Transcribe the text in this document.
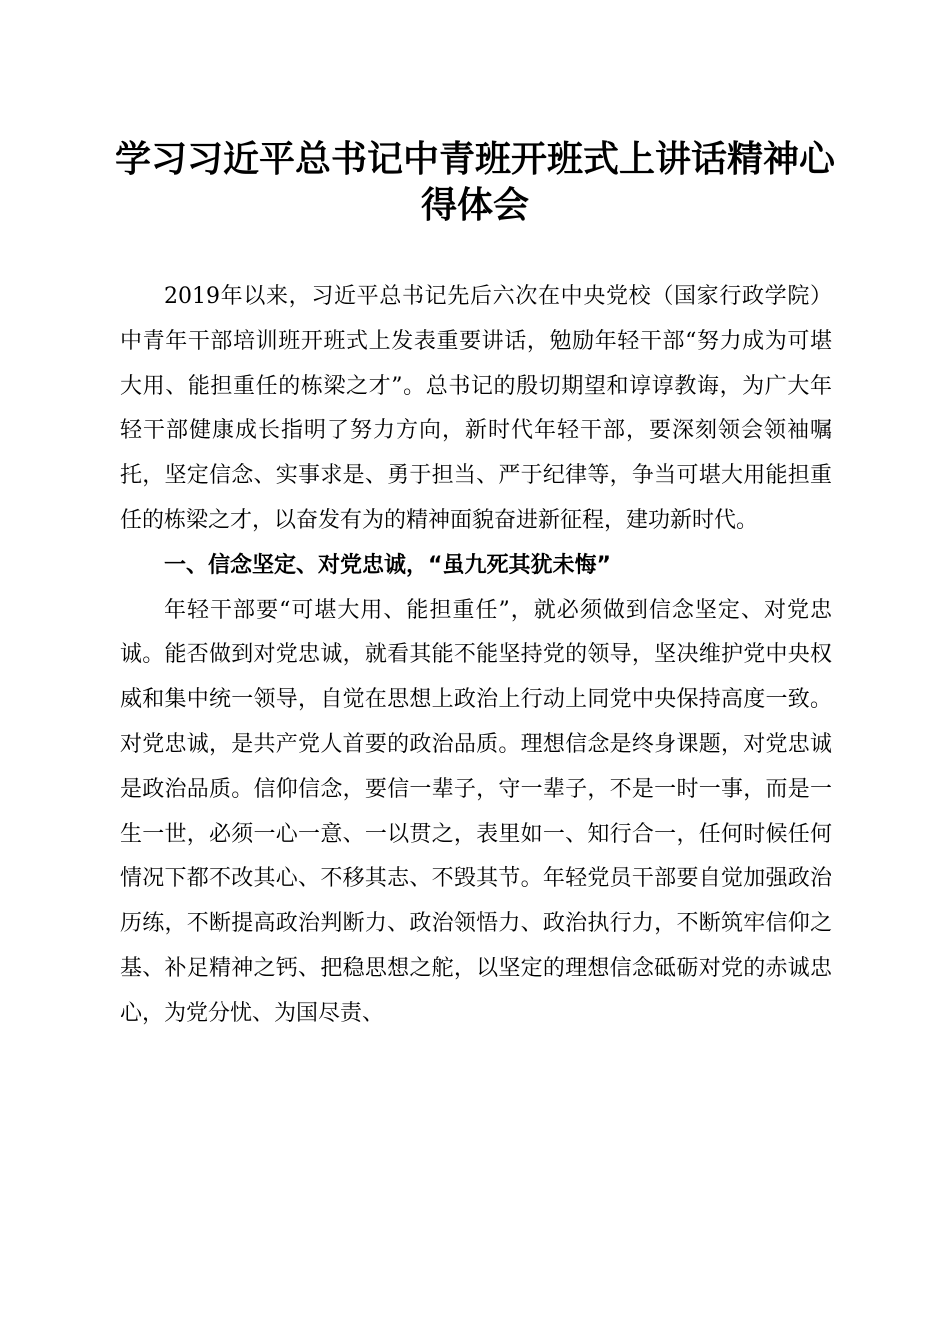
学习习近平总书记中青班开班式上讲话精神心
得体会

2019年以来，习近平总书记先后六次在中央党校（国家行政学院）中青年干部培训班开班式上发表重要讲话，勉励年轻干部“努力成为可堪大用、能担重任的栋梁之才”。总书记的殷切期望和谆谆教诲，为广大年轻干部健康成长指明了努力方向，新时代年轻干部，要深刻领会领袖嘱托，坚定信念、实事求是、勇于担当、严于纪律等，争当可堪大用能担重任的栋梁之才，以奋发有为的精神面貌奋进新征程，建功新时代。

一、信念坚定、对党忠诚，“虽九死其犹未悔”

年轻干部要“可堪大用、能担重任”，就必须做到信念坚定、对党忠诚。能否做到对党忠诚，就看其能不能坚持党的领导，坚决维护党中央权威和集中统一领导，自觉在思想上政治上行动上同党中央保持高度一致。对党忠诚，是共产党人首要的政治品质。理想信念是终身课题，对党忠诚是政治品质。信仰信念，要信一辈子，守一辈子，不是一时一事，而是一生一世，必须一心一意、一以贯之，表里如一、知行合一，任何时候任何情况下都不改其心、不移其志、不毁其节。年轻党员干部要自觉加强政治历练，不断提高政治判断力、政治领悟力、政治执行力，不断筑牢信仰之基、补足精神之钙、把稳思想之舵，以坚定的理想信念砥砺对党的赤诚忠心，为党分忧、为国尽责、
